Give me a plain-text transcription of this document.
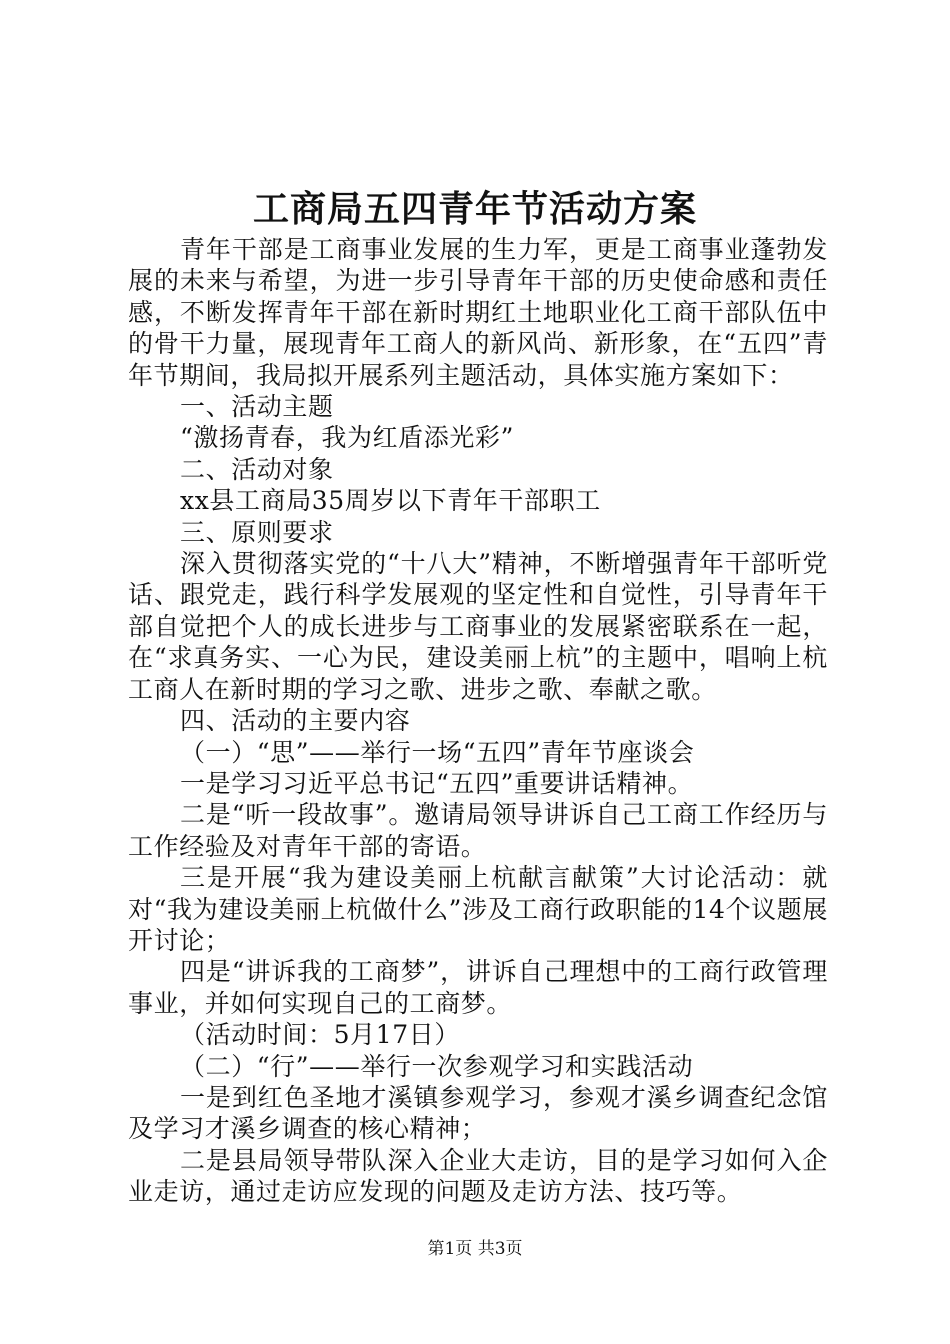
工商局五四青年节活动方案

青年干部是工商事业发展的生力军，更是工商事业蓬勃发展的未来与希望，为进一步引导青年干部的历史使命感和责任感，不断发挥青年干部在新时期红土地职业化工商干部队伍中的骨干力量，展现青年工商人的新风尚、新形象，在“五四”青年节期间，我局拟开展系列主题活动，具体实施方案如下：

一、活动主题

“激扬青春，我为红盾添光彩”

二、活动对象

xx县工商局35周岁以下青年干部职工

三、原则要求

深入贯彻落实党的“十八大”精神，不断增强青年干部听党话、跟党走，践行科学发展观的坚定性和自觉性，引导青年干部自觉把个人的成长进步与工商事业的发展紧密联系在一起，在“求真务实、一心为民，建设美丽上杭”的主题中，唱响上杭工商人在新时期的学习之歌、进步之歌、奉献之歌。

四、活动的主要内容

（一）“思”——举行一场“五四”青年节座谈会

一是学习习近平总书记“五四”重要讲话精神。

二是“听一段故事”。邀请局领导讲诉自己工商工作经历与工作经验及对青年干部的寄语。

三是开展“我为建设美丽上杭献言献策”大讨论活动：就对“我为建设美丽上杭做什么”涉及工商行政职能的14个议题展开讨论；

四是“讲诉我的工商梦”，讲诉自己理想中的工商行政管理事业，并如何实现自己的工商梦。

（活动时间：5月17日）

（二）“行”——举行一次参观学习和实践活动

一是到红色圣地才溪镇参观学习，参观才溪乡调查纪念馆及学习才溪乡调查的核心精神；

二是县局领导带队深入企业大走访，目的是学习如何入企业走访，通过走访应发现的问题及走访方法、技巧等。

第1页 共3页
